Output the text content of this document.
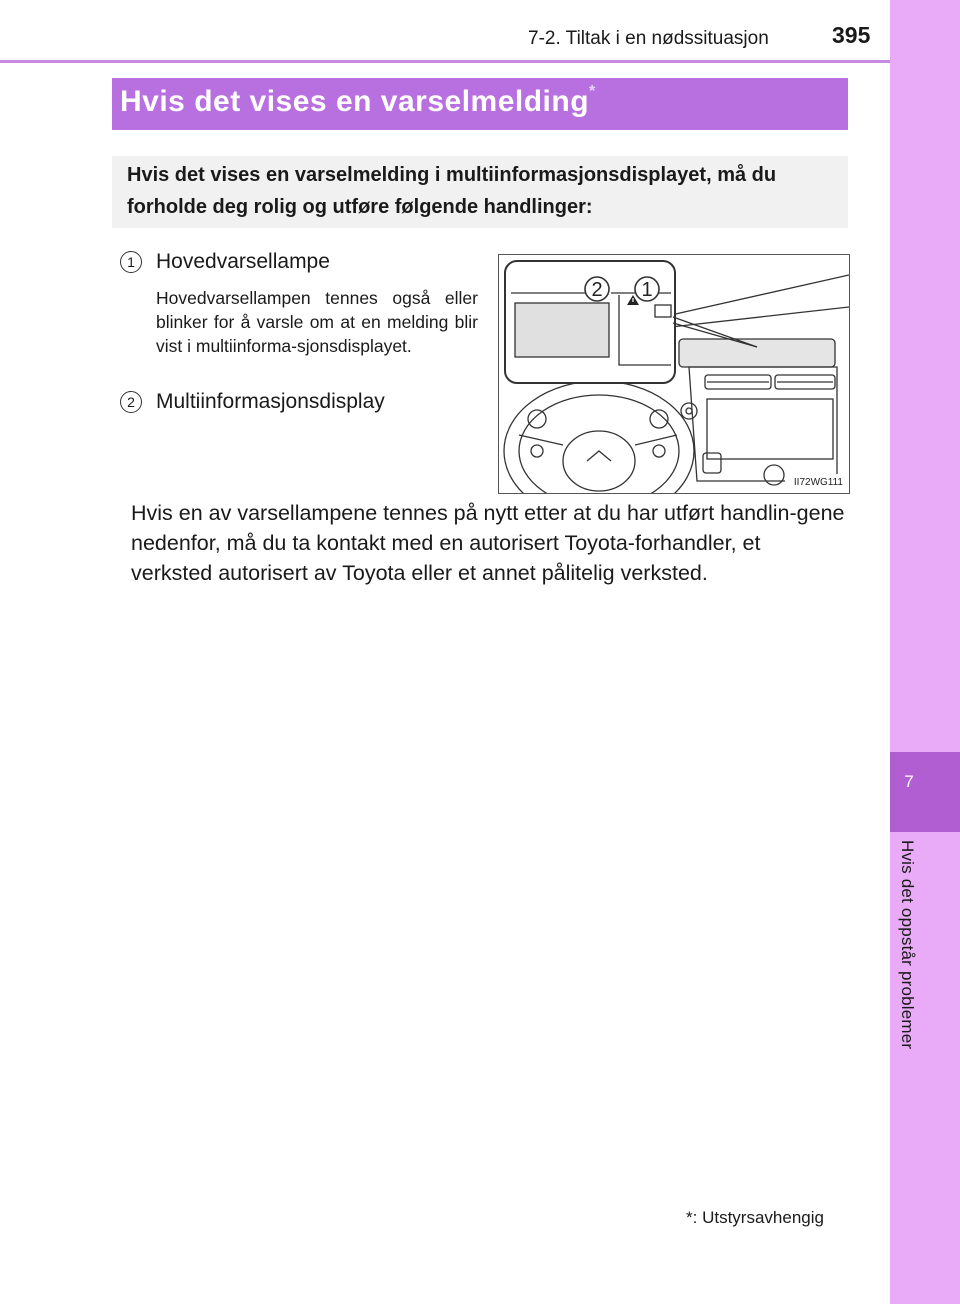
7-2. Tiltak i en nødssituasjon	395
7
Hvis det oppstår problemer
Hvis det vises en varselmelding*
Hvis det vises en varselmelding i multiinformasjonsdisplayet, må du forholde deg rolig og utføre følgende handlinger:
1	Hovedvarsellampe
Hovedvarsellampen tennes også eller blinker for å varsle om at en melding blir vist i multiinforma-sjonsdisplayet.
2	Multiinformasjonsdisplay
2 1
II72WG111
Hvis en av varsellampene tennes på nytt etter at du har utført handlin-gene nedenfor, må du ta kontakt med en autorisert Toyota-forhandler, et verksted autorisert av Toyota eller et annet pålitelig verksted.
*: Utstyrsavhengig
